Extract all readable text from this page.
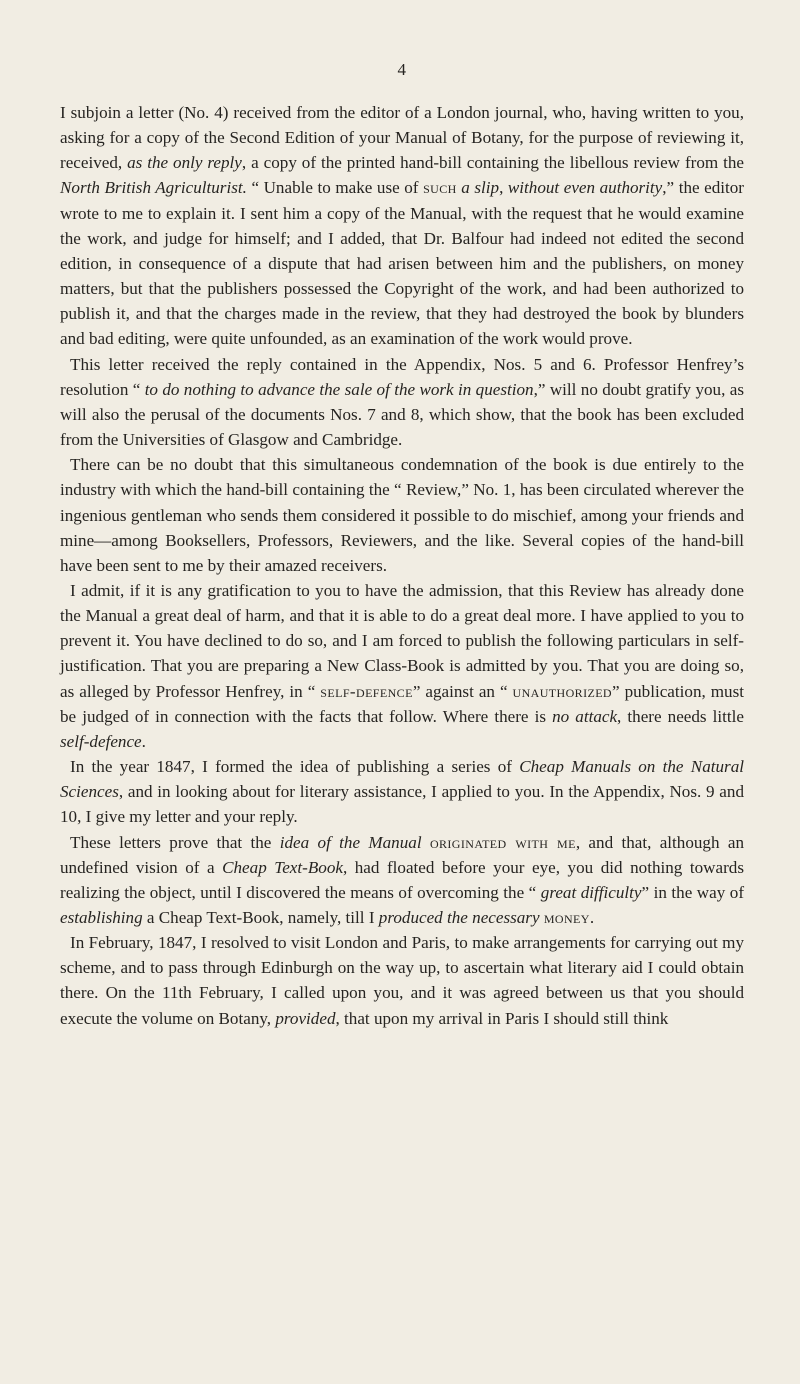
4

I subjoin a letter (No. 4) received from the editor of a London journal, who, having written to you, asking for a copy of the Second Edition of your Manual of Botany, for the purpose of reviewing it, received, as the only reply, a copy of the printed hand-bill containing the libellous review from the North British Agriculturist. “ Unable to make use of such a slip, without even authority,” the editor wrote to me to explain it. I sent him a copy of the Manual, with the request that he would examine the work, and judge for himself; and I added, that Dr. Balfour had indeed not edited the second edition, in consequence of a dispute that had arisen between him and the publishers, on money matters, but that the publishers possessed the Copyright of the work, and had been authorized to publish it, and that the charges made in the review, that they had destroyed the book by blunders and bad editing, were quite unfounded, as an examination of the work would prove.

This letter received the reply contained in the Appendix, Nos. 5 and 6. Professor Henfrey’s resolution “ to do nothing to advance the sale of the work in question,” will no doubt gratify you, as will also the perusal of the documents Nos. 7 and 8, which show, that the book has been excluded from the Universities of Glasgow and Cambridge.

There can be no doubt that this simultaneous condemnation of the book is due entirely to the industry with which the hand-bill containing the “ Review,” No. 1, has been circulated wherever the ingenious gentleman who sends them considered it possible to do mischief, among your friends and mine—among Booksellers, Professors, Reviewers, and the like. Several copies of the hand-bill have been sent to me by their amazed receivers.

I admit, if it is any gratification to you to have the admission, that this Review has already done the Manual a great deal of harm, and that it is able to do a great deal more. I have applied to you to prevent it. You have declined to do so, and I am forced to publish the following particulars in self-justification. That you are preparing a New Class-Book is admitted by you. That you are doing so, as alleged by Professor Henfrey, in “ self-defence” against an “ unauthorized” publication, must be judged of in connection with the facts that follow. Where there is no attack, there needs little self-defence.

In the year 1847, I formed the idea of publishing a series of Cheap Manuals on the Natural Sciences, and in looking about for literary assistance, I applied to you. In the Appendix, Nos. 9 and 10, I give my letter and your reply.

These letters prove that the idea of the Manual originated with me, and that, although an undefined vision of a Cheap Text-Book, had floated before your eye, you did nothing towards realizing the object, until I discovered the means of overcoming the “ great difficulty” in the way of establishing a Cheap Text-Book, namely, till I produced the necessary money.

In February, 1847, I resolved to visit London and Paris, to make arrangements for carrying out my scheme, and to pass through Edinburgh on the way up, to ascertain what literary aid I could obtain there. On the 11th February, I called upon you, and it was agreed between us that you should execute the volume on Botany, provided, that upon my arrival in Paris I should still think
